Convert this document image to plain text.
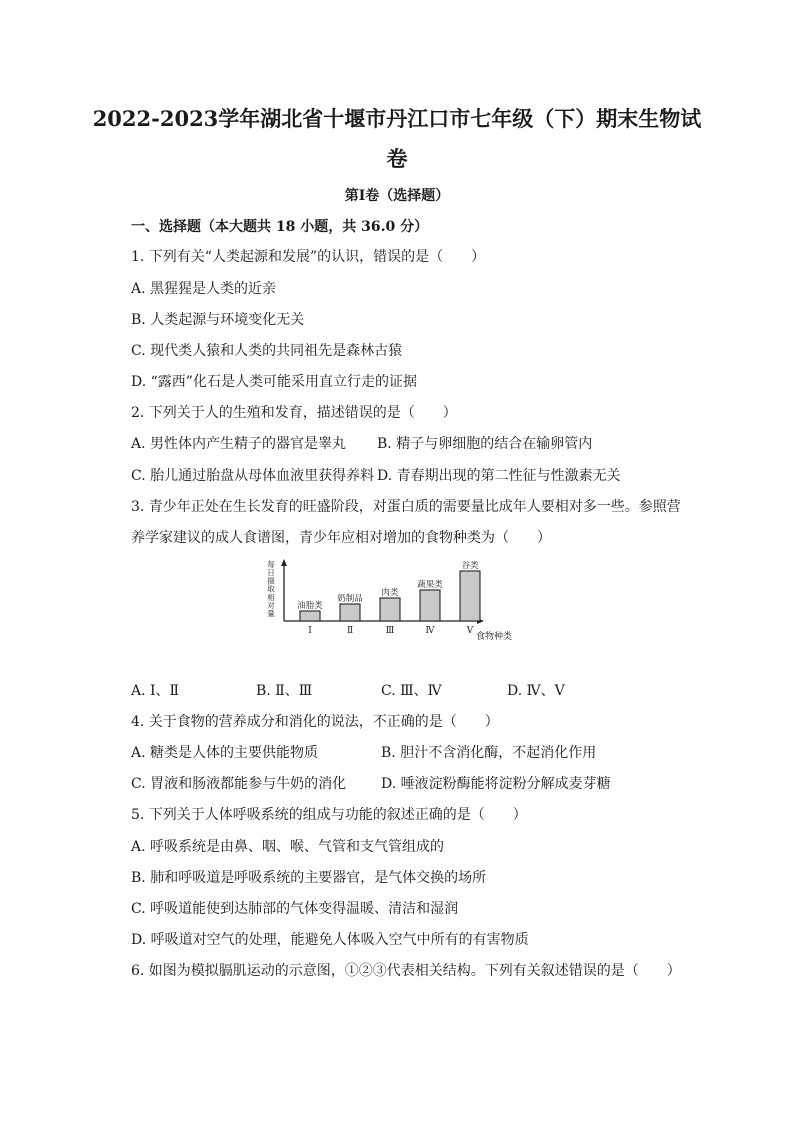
2022-2023学年湖北省十堰市丹江口市七年级（下）期末生物试
卷
第Ⅰ卷（选择题）
一、选择题（本大题共 18 小题，共 36.0 分）
1. 下列有关“人类起源和发展”的认识，错误的是（　　）
A. 黑猩猩是人类的近亲
B. 人类起源与环境变化无关
C. 现代类人猿和人类的共同祖先是森林古猿
D. “露西”化石是人类可能采用直立行走的证据
2. 下列关于人的生殖和发育，描述错误的是（　　）
A. 男性体内产生精子的器官是睾丸 B. 精子与卵细胞的结合在输卵管内
C. 胎儿通过胎盘从母体血液里获得养料 D. 青春期出现的第二性征与性激素无关
3. 青少年正处在生长发育的旺盛阶段，对蛋白质的需要量比成年人要相对多一些。参照营
养学家建议的成人食谱图，青少年应相对增加的食物种类为（　　）
每
日
摄
取
相
对
量
油脂类
Ⅰ
奶制品
Ⅱ
肉类
Ⅲ
蔬果类
Ⅳ
谷类
Ⅴ
食物种类
A. Ⅰ、Ⅱ	B. Ⅱ、Ⅲ	C. Ⅲ、Ⅳ	D. Ⅳ、Ⅴ
4. 关于食物的营养成分和消化的说法，不正确的是（　　）
A. 糖类是人体的主要供能物质	B. 胆汁不含消化酶，不起消化作用
C. 胃液和肠液都能参与牛奶的消化 D. 唾液淀粉酶能将淀粉分解成麦芽糖
5. 下列关于人体呼吸系统的组成与功能的叙述正确的是（　　）
A. 呼吸系统是由鼻、咽、喉、气管和支气管组成的
B. 肺和呼吸道是呼吸系统的主要器官，是气体交换的场所
C. 呼吸道能使到达肺部的气体变得温暖、清洁和湿润
D. 呼吸道对空气的处理，能避免人体吸入空气中所有的有害物质
6. 如图为模拟膈肌运动的示意图，①②③代表相关结构。下列有关叙述错误的是（　　）
